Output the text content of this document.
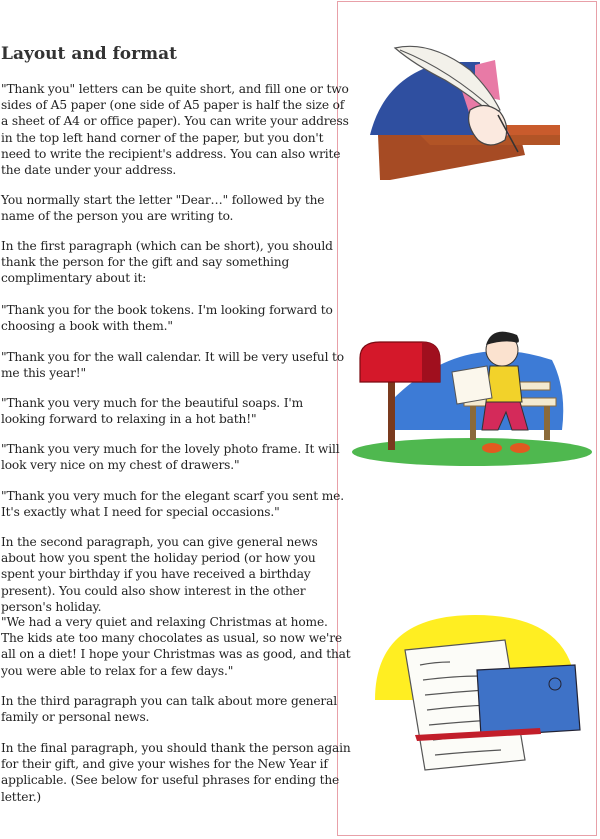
Layout and format

"Thank you" letters can be quite short, and fill one or two sides of A5 paper (one side of A5 paper is half the size of a sheet of A4 or office paper). You can write your address in the top left hand corner of the paper, but you don't need to write the recipient's address. You can also write the date under your address.

You normally start the letter "Dear…" followed by the name of the person you are writing to.

In the first paragraph (which can be short), you should thank the person for the gift and say something complimentary about it:

"Thank you for the book tokens. I'm looking forward to choosing a book with them."

"Thank you for the wall calendar. It will be very useful to me this year!"

"Thank you very much for the beautiful soaps. I'm looking forward to relaxing in a hot bath!"

"Thank you very much for the lovely photo frame. It will look very nice on my chest of drawers."

"Thank you very much for the elegant scarf you sent me. It's exactly what I need for special occasions."

In the second paragraph, you can give general news about how you spent the holiday period (or how you spent your birthday if you have received a birthday present). You could also show interest in the other person's holiday.

"We had a very quiet and relaxing Christmas at home. The kids ate too many chocolates as usual, so now we're all on a diet! I hope your Christmas was as good, and that you were able to relax for a few days."

In the third paragraph you can talk about more general family or personal news.

In the final paragraph, you should thank the person again for their gift, and give your wishes for the New Year if applicable. (See below for useful phrases for ending the letter.)
